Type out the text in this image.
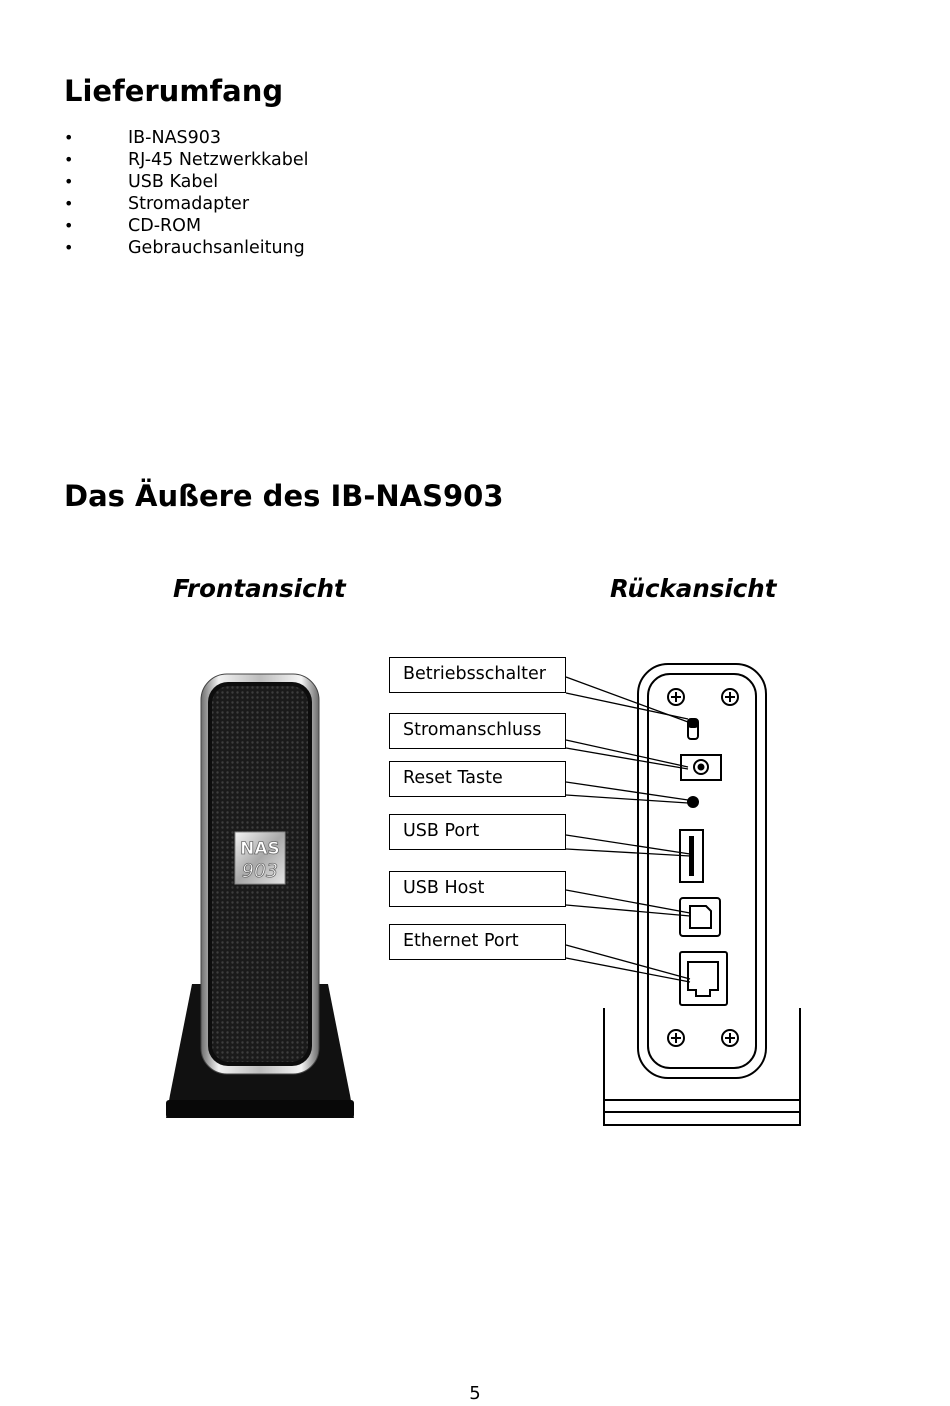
Lieferumfang
•	IB-NAS903
•	RJ-45 Netzwerkkabel
•	USB Kabel
•	Stromadapter
•	CD-ROM
•	Gebrauchsanleitung
Das Äußere des IB-NAS903
Frontansicht	Rückansicht
NAS
903
Betriebsschalter
Stromanschluss
Reset Taste
USB Port
USB Host
Ethernet Port
5
